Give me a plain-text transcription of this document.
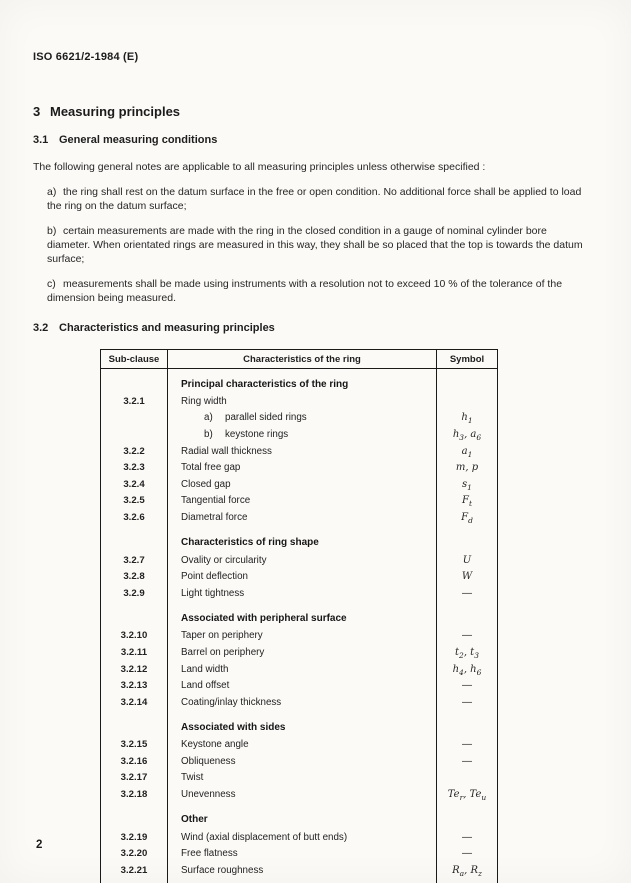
ISO 6621/2-1984 (E)
3 Measuring principles
3.1 General measuring conditions
The following general notes are applicable to all measuring principles unless otherwise specified :
a) the ring shall rest on the datum surface in the free or open condition. No additional force shall be applied to load the ring on the datum surface;
b) certain measurements are made with the ring in the closed condition in a gauge of nominal cylinder bore diameter. When orientated rings are measured in this way, they shall be so placed that the top is towards the datum surface;
c) measurements shall be made using instruments with a resolution not to exceed 10 % of the tolerance of the dimension being measured.
3.2 Characteristics and measuring principles
Sub-clause	Characteristics of the ring	Symbol
	Principal characteristics of the ring	
3.2.1	Ring width	
	a) parallel sided rings	$h_1$
	b) keystone rings	$h_3$, $a_6$
3.2.2	Radial wall thickness	$a_1$
3.2.3	Total free gap	m, p
3.2.4	Closed gap	$s_1$
3.2.5	Tangential force	$F_t$
3.2.6	Diametral force	$F_d$
	Characteristics of ring shape	
3.2.7	Ovality or circularity	U
3.2.8	Point deflection	W
3.2.9	Light tightness	—
	Associated with peripheral surface	
3.2.10	Taper on periphery	—
3.2.11	Barrel on periphery	$t_2$, $t_3$
3.2.12	Land width	$h_4$, $h_6$
3.2.13	Land offset	—
3.2.14	Coating/inlay thickness	—
	Associated with sides	
3.2.15	Keystone angle	—
3.2.16	Obliqueness	—
3.2.17	Twist	
3.2.18	Unevenness	$Te_r$, $Te_u$
	Other	
3.2.19	Wind (axial displacement of butt ends)	—
3.2.20	Free flatness	—
3.2.21	Surface roughness	$R_a$, $R_z$
2
